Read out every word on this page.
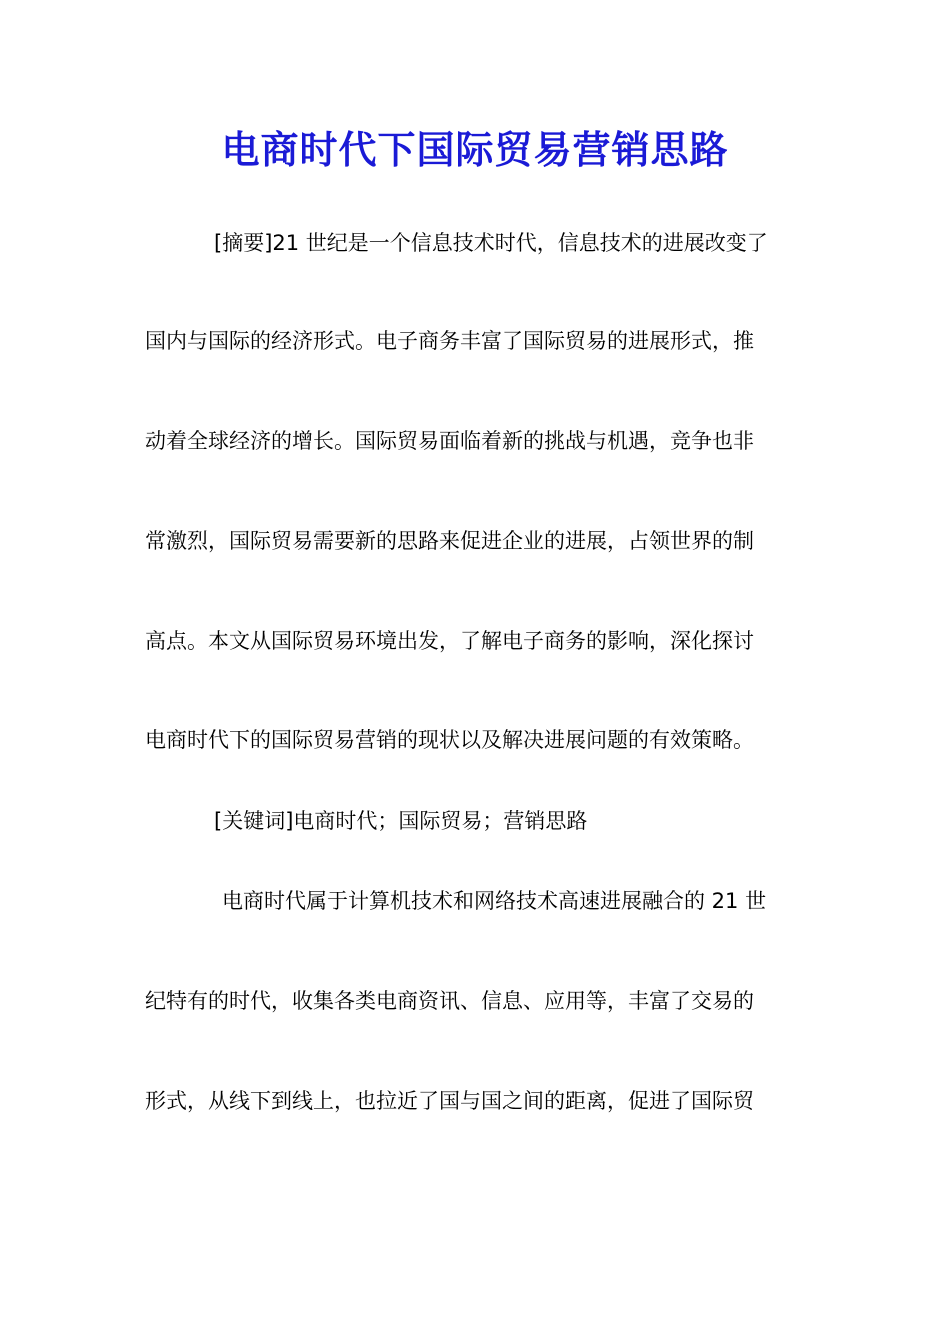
电商时代下国际贸易营销思路
[摘要]21 世纪是一个信息技术时代，信息技术的进展改变了
国内与国际的经济形式。电子商务丰富了国际贸易的进展形式，推
动着全球经济的增长。国际贸易面临着新的挑战与机遇，竞争也非
常激烈，国际贸易需要新的思路来促进企业的进展，占领世界的制
高点。本文从国际贸易环境出发，了解电子商务的影响，深化探讨
电商时代下的国际贸易营销的现状以及解决进展问题的有效策略。
[关键词]电商时代；国际贸易；营销思路
电商时代属于计算机技术和网络技术高速进展融合的 21 世
纪特有的时代，收集各类电商资讯、信息、应用等，丰富了交易的
形式，从线下到线上，也拉近了国与国之间的距离，促进了国际贸
